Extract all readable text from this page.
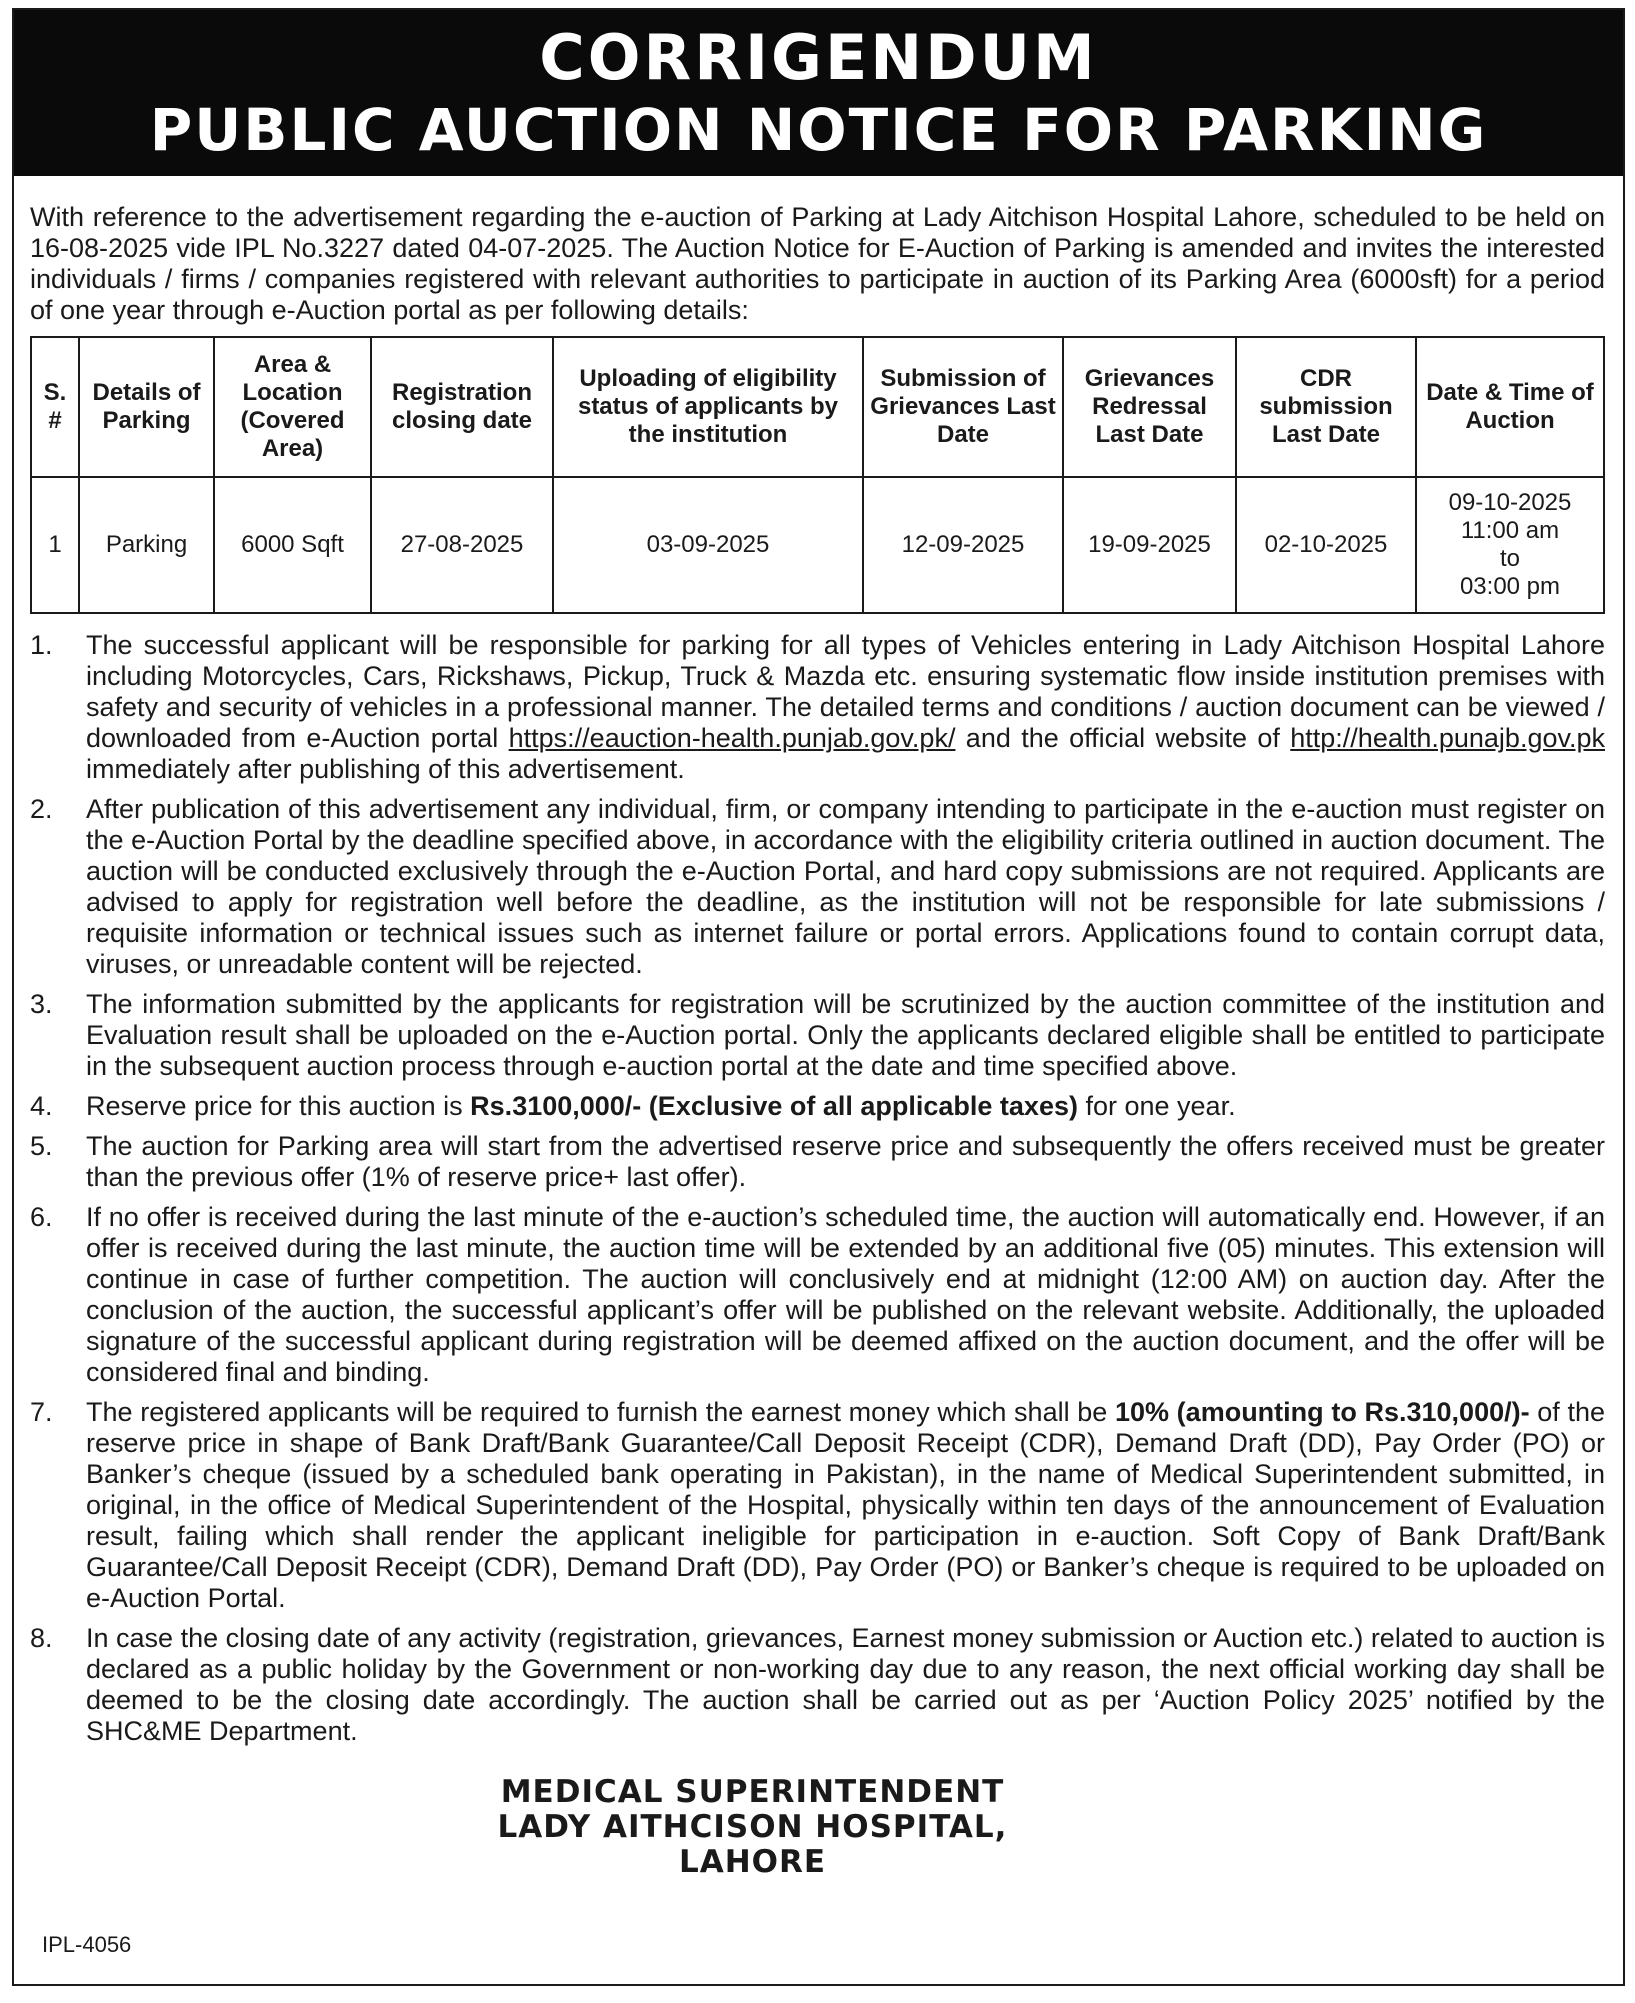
CORRIGENDUM
PUBLIC AUCTION NOTICE FOR PARKING

With reference to the advertisement regarding the e-auction of Parking at Lady Aitchison Hospital Lahore, scheduled to be held on 16-08-2025 vide IPL No.3227 dated 04-07-2025. The Auction Notice for E-Auction of Parking is amended and invites the interested individuals / firms / companies registered with relevant authorities to participate in auction of its Parking Area (6000sft) for a period of one year through e-Auction portal as per following details:

S. #	Details of Parking	Area & Location (Covered Area)	Registration closing date	Uploading of eligibility status of applicants by the institution	Submission of Grievances Last Date	Grievances Redressal Last Date	CDR submission Last Date	Date & Time of Auction
1	Parking	6000 Sqft	27-08-2025	03-09-2025	12-09-2025	19-09-2025	02-10-2025	09-10-2025
11:00 am
to
03:00 pm
1.	The successful applicant will be responsible for parking for all types of Vehicles entering in Lady Aitchison Hospital Lahore including Motorcycles, Cars, Rickshaws, Pickup, Truck & Mazda etc. ensuring systematic flow inside institution premises with safety and security of vehicles in a professional manner. The detailed terms and conditions / auction document can be viewed / downloaded from e-Auction portal https://eauction-health.punjab.gov.pk/ and the official website of http://health.punajb.gov.pk immediately after publishing of this advertisement.
2.	After publication of this advertisement any individual, firm, or company intending to participate in the e-auction must register on the e-Auction Portal by the deadline specified above, in accordance with the eligibility criteria outlined in auction document. The auction will be conducted exclusively through the e-Auction Portal, and hard copy submissions are not required. Applicants are advised to apply for registration well before the deadline, as the institution will not be responsible for late submissions / requisite information or technical issues such as internet failure or portal errors. Applications found to contain corrupt data, viruses, or unreadable content will be rejected.
3.	The information submitted by the applicants for registration will be scrutinized by the auction committee of the institution and Evaluation result shall be uploaded on the e-Auction portal. Only the applicants declared eligible shall be entitled to participate in the subsequent auction process through e-auction portal at the date and time specified above.
4.	Reserve price for this auction is Rs.3100,000/- (Exclusive of all applicable taxes) for one year.
5.	The auction for Parking area will start from the advertised reserve price and subsequently the offers received must be greater than the previous offer (1% of reserve price+ last offer).
6.	If no offer is received during the last minute of the e-auction’s scheduled time, the auction will automatically end. However, if an offer is received during the last minute, the auction time will be extended by an additional five (05) minutes. This extension will continue in case of further competition. The auction will conclusively end at midnight (12:00 AM) on auction day. After the conclusion of the auction, the successful applicant’s offer will be published on the relevant website. Additionally, the uploaded signature of the successful applicant during registration will be deemed affixed on the auction document, and the offer will be considered final and binding.
7.	The registered applicants will be required to furnish the earnest money which shall be 10% (amounting to Rs.310,000/)- of the reserve price in shape of Bank Draft/Bank Guarantee/Call Deposit Receipt (CDR), Demand Draft (DD), Pay Order (PO) or Banker’s cheque (issued by a scheduled bank operating in Pakistan), in the name of Medical Superintendent submitted, in original, in the office of Medical Superintendent of the Hospital, physically within ten days of the announcement of Evaluation result, failing which shall render the applicant ineligible for participation in e-auction. Soft Copy of Bank Draft/Bank Guarantee/Call Deposit Receipt (CDR), Demand Draft (DD), Pay Order (PO) or Banker’s cheque is required to be uploaded on e-Auction Portal.
8.	In case the closing date of any activity (registration, grievances, Earnest money submission or Auction etc.) related to auction is declared as a public holiday by the Government or non-working day due to any reason, the next official working day shall be deemed to be the closing date accordingly. The auction shall be carried out as per ‘Auction Policy 2025’ notified by the SHC&ME Department.
MEDICAL SUPERINTENDENT
LADY AITHCISON HOSPITAL,
LAHORE
IPL-4056
